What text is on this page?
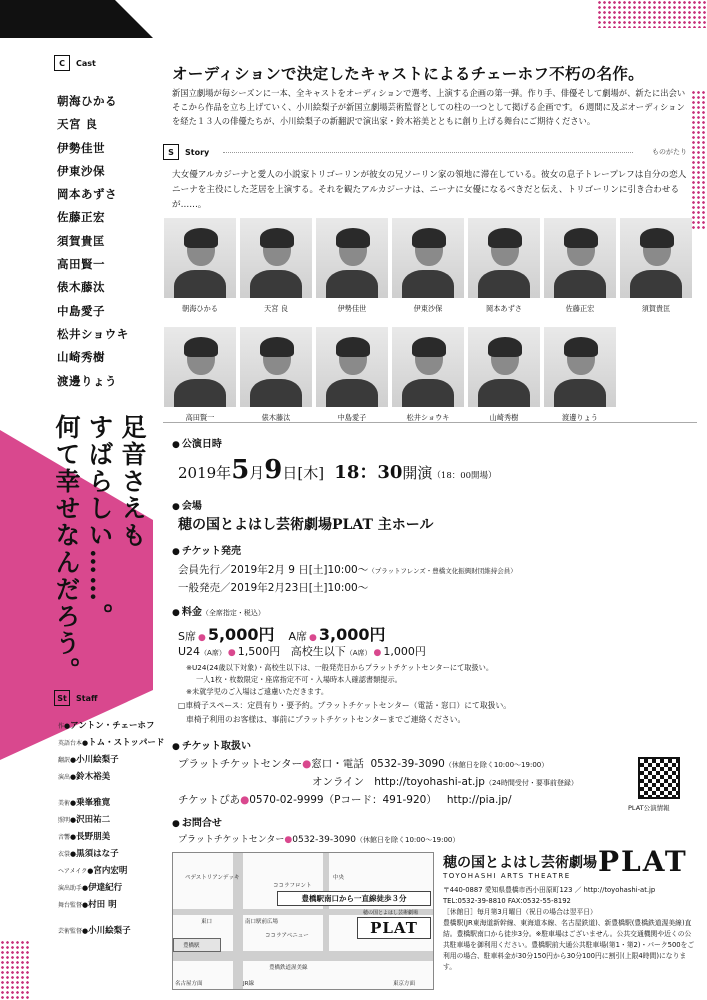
C	Cast
朝海ひかる
天宮 良
伊勢佳世
伊東沙保
岡本あずさ
佐藤正宏
須賀貴匡
高田賢一
俵木藤汰
中島愛子
松井ショウキ
山崎秀樹
渡邊りょう
足音さえも
すばらしい……。
何て幸せなんだろう。
St	Staff
作●アントン・チェーホフ
英語台本●トム・ストッパード
翻訳●小川絵梨子
演出●鈴木裕美
美術●乗峯雅寛
照明●沢田祐二
音響●長野朋美
衣裳●黒須はな子
ヘアメイク●宮内宏明
演出助手●伊達紀行
舞台監督●村田 明
芸術監督●小川絵梨子
オーディションで決定したキャストによるチェーホフ不朽の名作。
新国立劇場が毎シーズンに一本、全キャストをオーディションで選考、上演する企画の第一弾。作り手、俳優そして劇場が、新たに出会いそこから作品を立ち上げていく、小川絵梨子が新国立劇場芸術監督としての柱の一つとして掲げる企画です。６週間に及ぶオーディションを経た１３人の俳優たちが、小川絵梨子の新翻訳で演出家・鈴木裕美とともに創り上げる舞台にご期待ください。
S	Story	ものがたり
大女優アルカジーナと愛人の小説家トリゴーリンが彼女の兄ソーリン家の領地に滞在している。彼女の息子トレープレフは自分の恋人ニーナを主役にした芝居を上演する。それを観たアルカジーナは、ニーナに女優になるべきだと伝え、トリゴーリンに引き合わせるが……。
朝海ひかる	天宮 良	伊勢佳世	伊東沙保	岡本あずさ	佐藤正宏	須賀貴匡
高田賢一	俵木藤汰	中島愛子	松井ショウキ	山崎秀樹	渡邊りょう
● 公演日時
2019年5月9日[木] 18：30開演（18：00開場）
● 会場
穂の国とよはし芸術劇場PLAT 主ホール
● チケット発売
会員先行／2019年2月 9 日[土]10:00〜（プラットフレンズ・豊橋文化振興財団維持会員）
一般発売／2019年2月23日[土]10:00〜
● 料金（全席指定・税込）
S席 ● 5,000円 A席 ● 3,000円
U24（A席） ● 1,500円 高校生以下（A席） ● 1,000円
※U24(24歳以下対象)・高校生以下は、一般発売日からプラットチケットセンターにて取扱い。
一人1枚・枚数限定・座席指定不可・入場時本人確認書類提示。
※未就学児のご入場はご遠慮いただきます。
□車椅子スペース：定員有り・要予約。プラットチケットセンター（電話・窓口）にて取扱い。
車椅子利用のお客様は、事前にプラットチケットセンターまでご連絡ください。
● チケット取扱い
プラットチケットセンター●窓口・電話 0532-39-3090（休館日を除く10:00〜19:00）
オンライン http://toyohashi-at.jp（24時間受付・要事前登録）
チケットぴあ●0570-02-9999（Pコード：491-920） http://pia.jp/
PLAT公演情報
● お問合せ
プラットチケットセンター●0532-39-3090（休館日を除く10:00〜19:00）
豊橋駅
ペデストリアンデッキ
東口	南口駅前広場
ココラアベニュー
ココラフロント
豊橋鉄道渥美線
名古屋方面	JR線	東京方面
中央
豊橋駅南口から一直線徒歩３分
穂の国とよはし芸術劇場
PLAT
穂の国とよはし芸術劇場 PLAT
TOYOHASHI ARTS THEATRE
〒440-0887 愛知県豊橋市西小田原町123 ／ http://toyohashi-at.jp
TEL:0532-39-8810 FAX:0532-55-8192
［休館日］毎月第3月曜日（祝日の場合は翌平日）
豊橋駅(JR東海道新幹線、東海道本線、名古屋鉄道)、新豊橋駅(豊橋鉄道渥美線)直結。豊橋駅南口から徒歩3分。※駐車場はございません。公共交通機関や近くの公共駐車場を御利用ください。豊橋駅前大通公共駐車場(第1・第2)・パーク500をご利用の場合、駐車料金が30分150円から30分100円に割引(上限4時間)になります。
